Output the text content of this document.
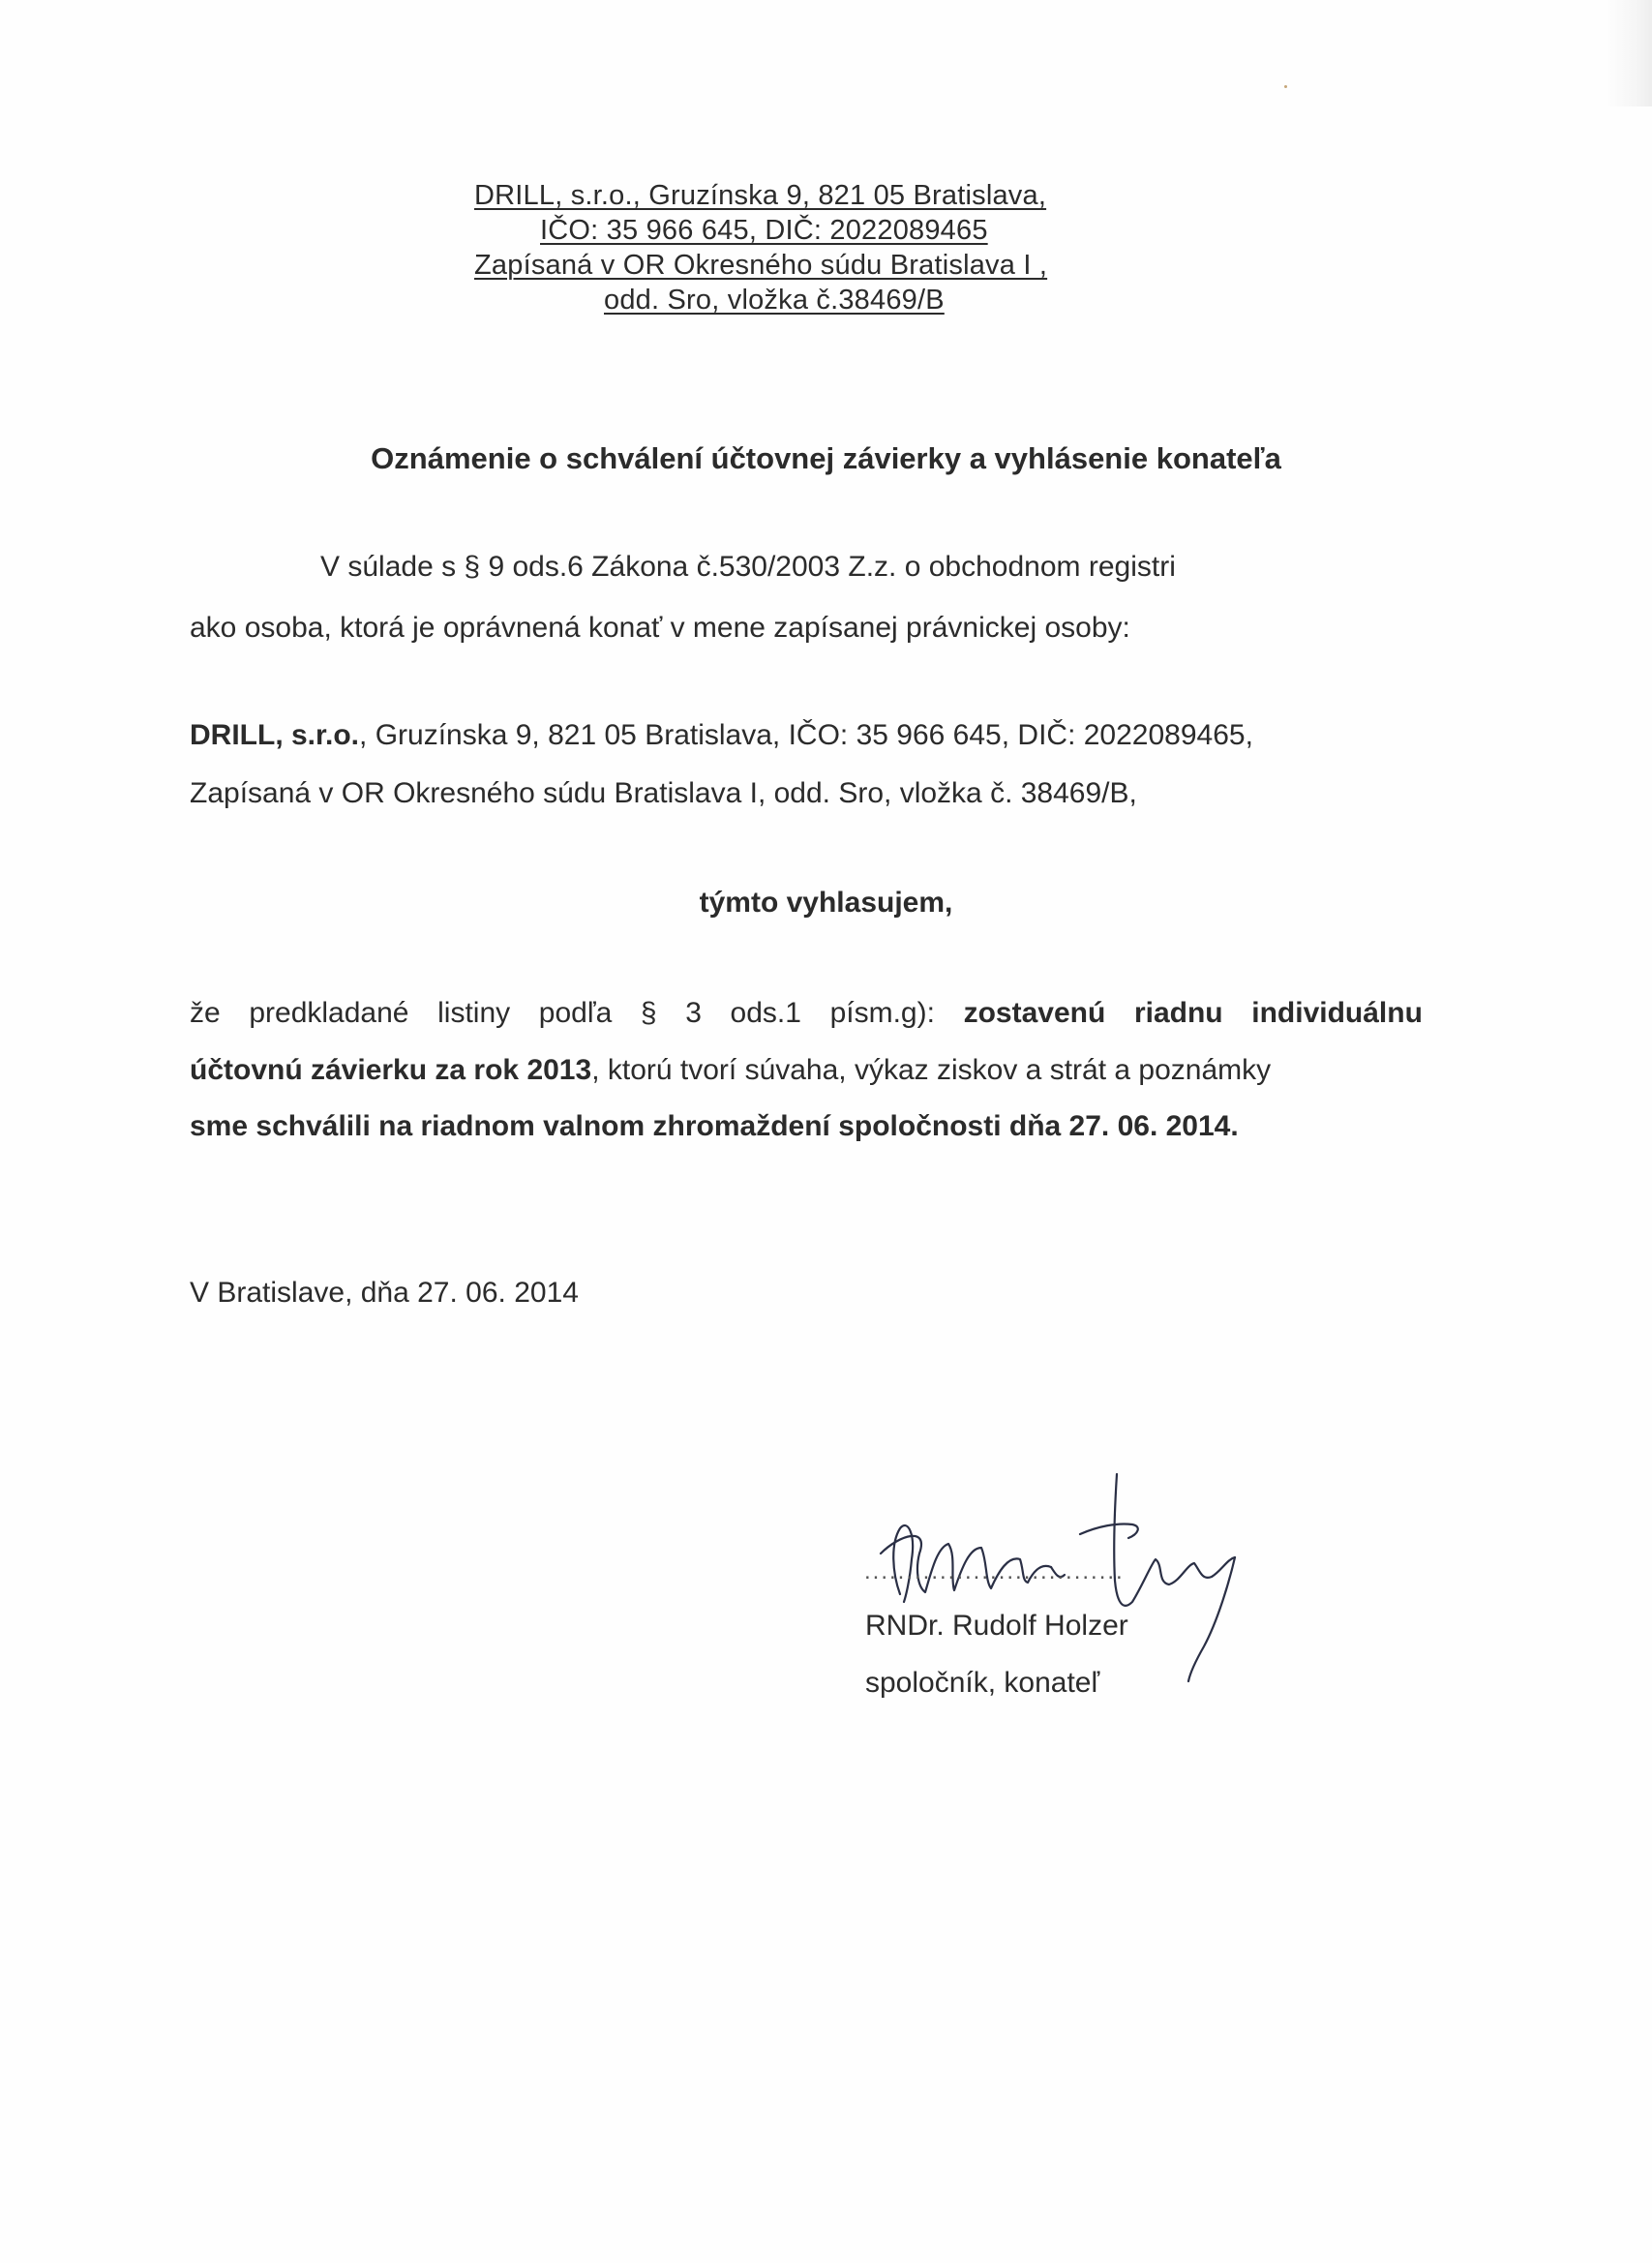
DRILL, s.r.o., Gruzínska 9, 821 05 Bratislava,
IČO: 35 966 645, DIČ: 2022089465
Zapísaná v OR Okresného súdu Bratislava I ,
odd. Sro, vložka č.38469/B
Oznámenie o schválení účtovnej závierky a vyhlásenie konateľa
V súlade s § 9 ods.6 Zákona č.530/2003 Z.z. o obchodnom registri
ako osoba, ktorá je oprávnená konať v mene zapísanej právnickej osoby:
DRILL, s.r.o., Gruzínska 9, 821 05 Bratislava, IČO: 35 966 645, DIČ: 2022089465,
Zapísaná v OR Okresného súdu Bratislava I, odd. Sro, vložka č. 38469/B,
týmto vyhlasujem,
že predkladané listiny podľa § 3 ods.1 písm.g): zostavenú riadnu individuálnu
účtovnú závierku za rok 2013, ktorú tvorí súvaha, výkaz ziskov a strát a poznámky
sme schválili na riadnom valnom zhromaždení spoločnosti dňa 27. 06. 2014.
V Bratislave, dňa 27. 06. 2014
...............................
RNDr. Rudolf Holzer
spoločník, konateľ
